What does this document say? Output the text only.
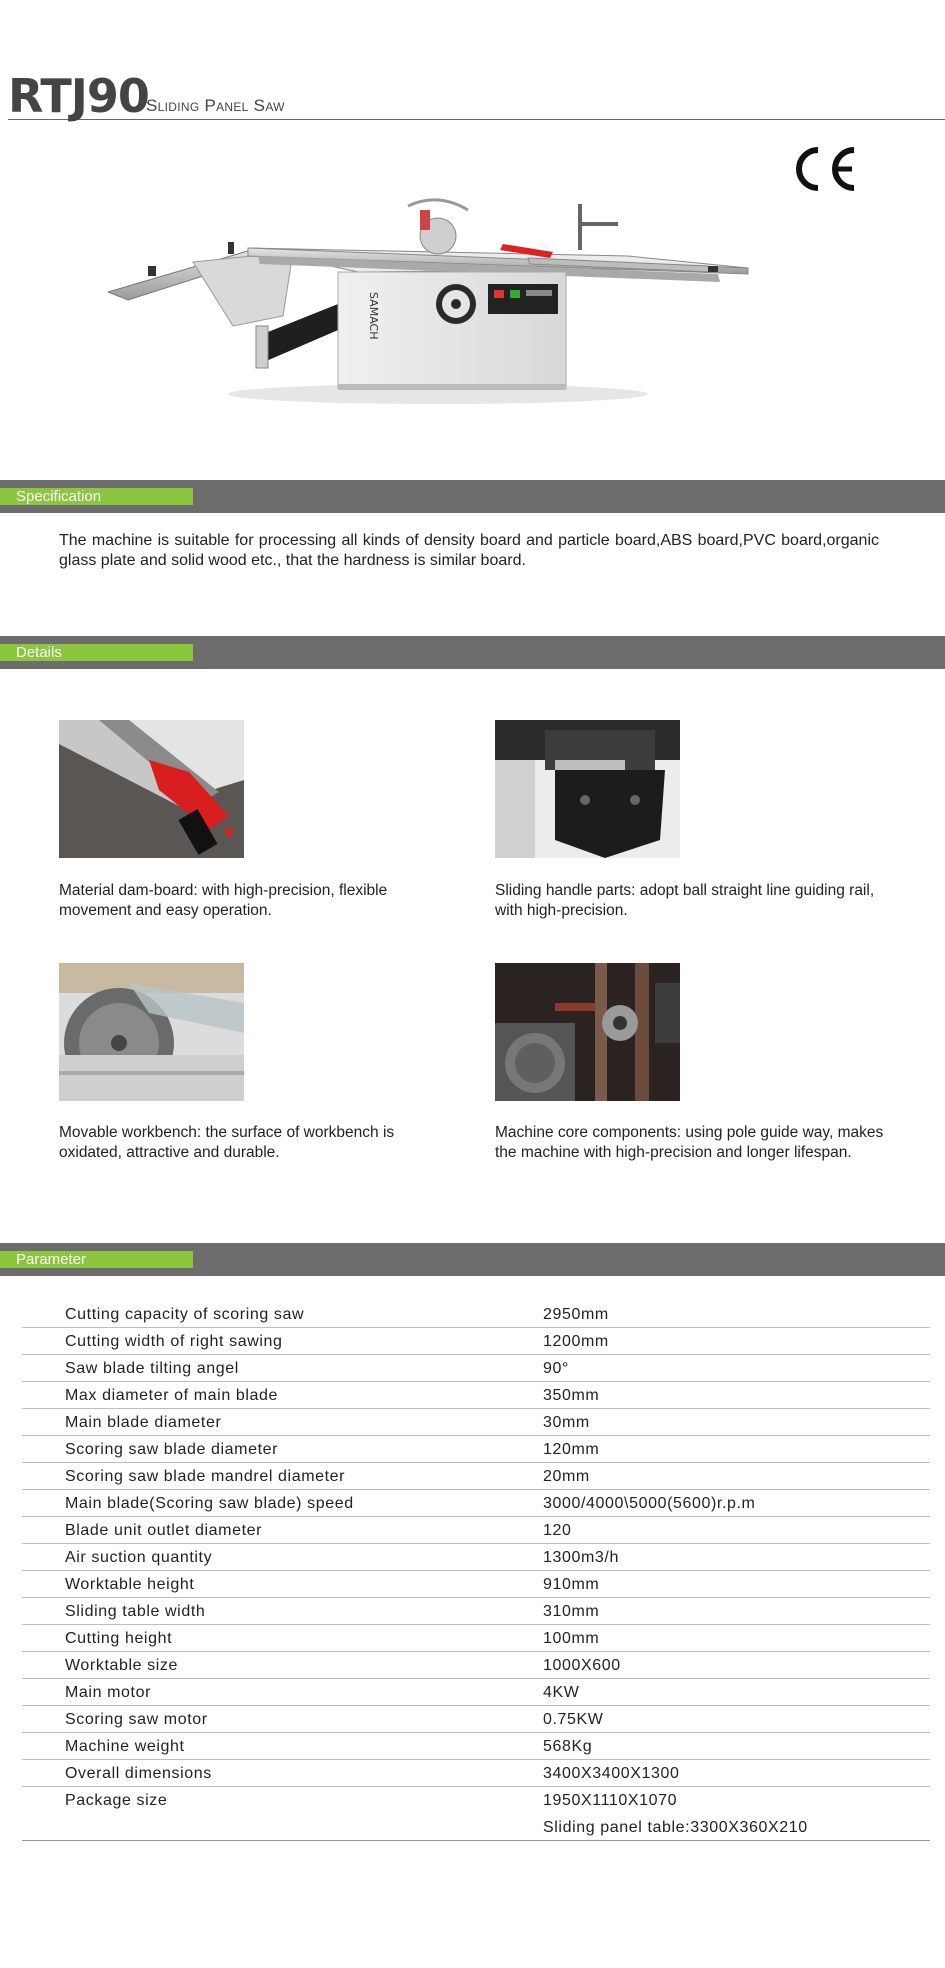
RTJ90
Sliding Panel Saw
SAMACH
Specification
The machine is suitable for processing all kinds of density board and particle board,ABS board,PVC board,organic glass plate and solid wood etc., that the hardness is similar board.
Details
Material dam-board: with high-precision, flexible movement and easy operation.
Sliding handle parts: adopt ball straight line guiding rail, with high-precision.
Movable workbench: the surface of workbench is oxidated, attractive and durable.
Machine core components: using pole guide way, makes the machine with high-precision and longer lifespan.
Parameter
Cutting capacity of scoring saw	2950mm
Cutting width of right sawing	1200mm
Saw blade tilting angel	90°
Max diameter of main blade	350mm
Main blade diameter	30mm
Scoring saw blade diameter	120mm
Scoring saw blade mandrel diameter	20mm
Main blade(Scoring saw blade) speed	3000/4000\5000(5600)r.p.m
Blade unit outlet diameter	120
Air suction quantity	1300m3/h
Worktable height	910mm
Sliding table width	310mm
Cutting height	100mm
Worktable size	1000X600
Main motor	4KW
Scoring saw motor	0.75KW
Machine weight	568Kg
Overall dimensions	3400X3400X1300
Package size	1950X1110X1070
Sliding panel table:3300X360X210
